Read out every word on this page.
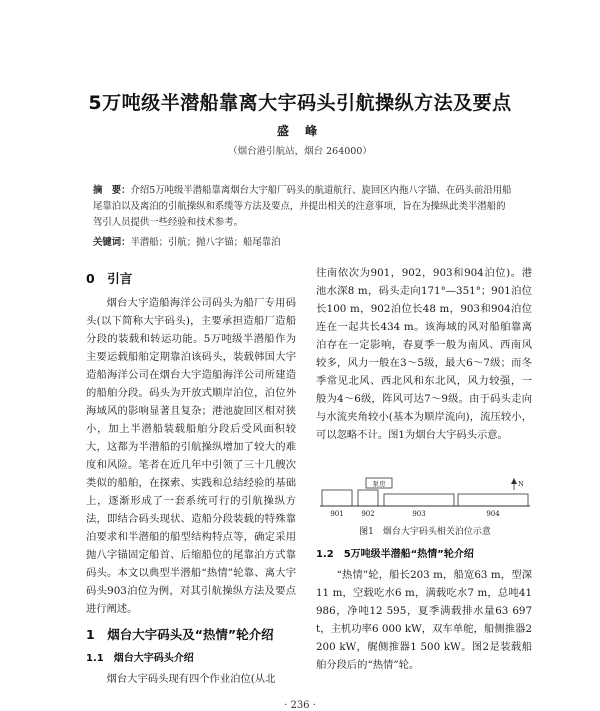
5万吨级半潜船靠离大宇码头引航操纵方法及要点
盛 峰
（烟台港引航站，烟台 264000）
摘　要：介绍5万吨级半潜船靠离烟台大宇船厂码头的航道航行、旋回区内拖八字锚、在码头前沿用船尾靠泊以及离泊的引航操纵和系缆等方法及要点，并提出相关的注意事项，旨在为操纵此类半潜船的驾引人员提供一些经验和技术参考。
关键词：半潜船；引航；抛八字锚；船尾靠泊
0　引言

烟台大宇造船海洋公司码头为船厂专用码头(以下简称大宇码头)，主要承担造船厂造船分段的装载和转运功能。5万吨级半潜船作为主要运载船舶定期靠泊该码头，装载韩国大宇造船海洋公司在烟台大宇造船海洋公司所建造的船舶分段。码头为开放式顺岸泊位，泊位外海域风的影响显著且复杂；港池旋回区相对狭小，加上半潜船装载船舶分段后受风面积较大，这都为半潜船的引航操纵增加了较大的难度和风险。笔者在近几年中引领了三十几艘次类似的船舶，在探索、实践和总结经验的基础上，逐渐形成了一套系统可行的引航操纵方法，即结合码头现状、造船分段装载的特殊靠泊要求和半潜船的船型结构特点等，确定采用抛八字锚固定船首、后缩船位的尾靠泊方式靠码头。本文以典型半潜船“热情”轮靠、离大宇码头903泊位为例，对其引航操纵方法及要点进行阐述。

1　烟台大宇码头及“热情”轮介绍
1.1　烟台大宇码头介绍

烟台大宇码头现有四个作业泊位(从北

往南依次为901，902，903和904泊位)。港池水深8 m，码头走向171°—351°；901泊位长100 m，902泊位长48 m，903和904泊位连在一起共长434 m。该海域的风对船舶靠离泊存在一定影响，春夏季一般为南风、西南风较多，风力一般在3～5级，最大6～7级；而冬季常见北风、西北风和东北风，风力较强，一般为4～6级，阵风可达7～9级。由于码头走向与水流夹角较小(基本为顺岸流向)，流压较小，可以忽略不计。图1为烟台大宇码头示意。

901	902	903	904
泵房	N
图1　烟台大宇码头相关泊位示意
1.2　5万吨级半潜船“热情”轮介绍

“热情”轮，船长203 m，船宽63 m，型深11 m，空载吃水6 m，满载吃水7 m，总吨41 986，净吨12 595，夏季满载排水量63 697 t，主机功率6 000 kW，双车单舵，船侧推器2 200 kW，艉侧推器1 500 kW。图2是装载船舶分段后的“热情”轮。

· 236 ·
